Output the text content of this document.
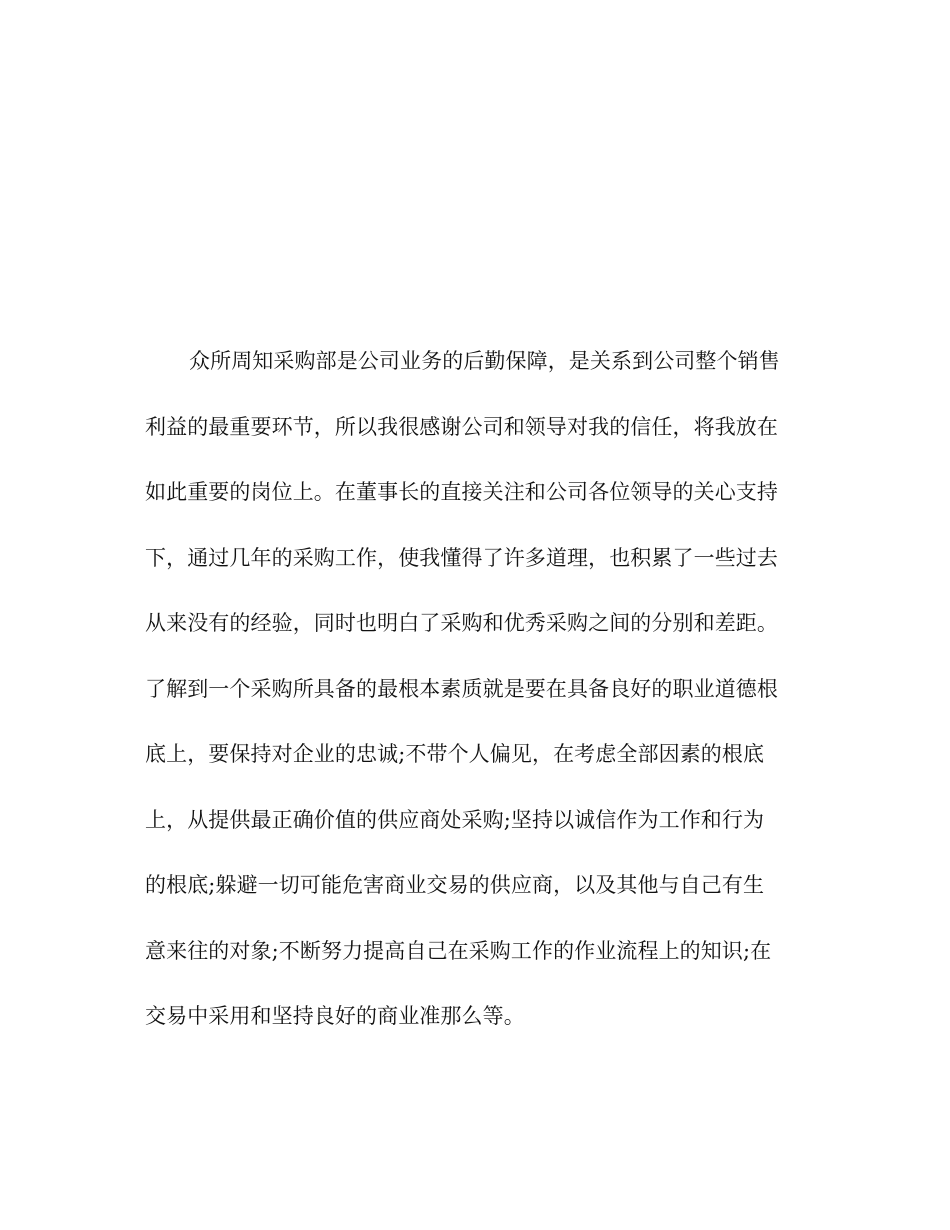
众所周知采购部是公司业务的后勤保障，是关系到公司整个销售
利益的最重要环节，所以我很感谢公司和领导对我的信任，将我放在
如此重要的岗位上。在董事长的直接关注和公司各位领导的关心支持
下，通过几年的采购工作，使我懂得了许多道理，也积累了一些过去
从来没有的经验，同时也明白了采购和优秀采购之间的分别和差距。
了解到一个采购所具备的最根本素质就是要在具备良好的职业道德根
底上，要保持对企业的忠诚;不带个人偏见，在考虑全部因素的根底
上，从提供最正确价值的供应商处采购;坚持以诚信作为工作和行为
的根底;躲避一切可能危害商业交易的供应商，以及其他与自己有生
意来往的对象;不断努力提高自己在采购工作的作业流程上的知识;在
交易中采用和坚持良好的商业准那么等。
